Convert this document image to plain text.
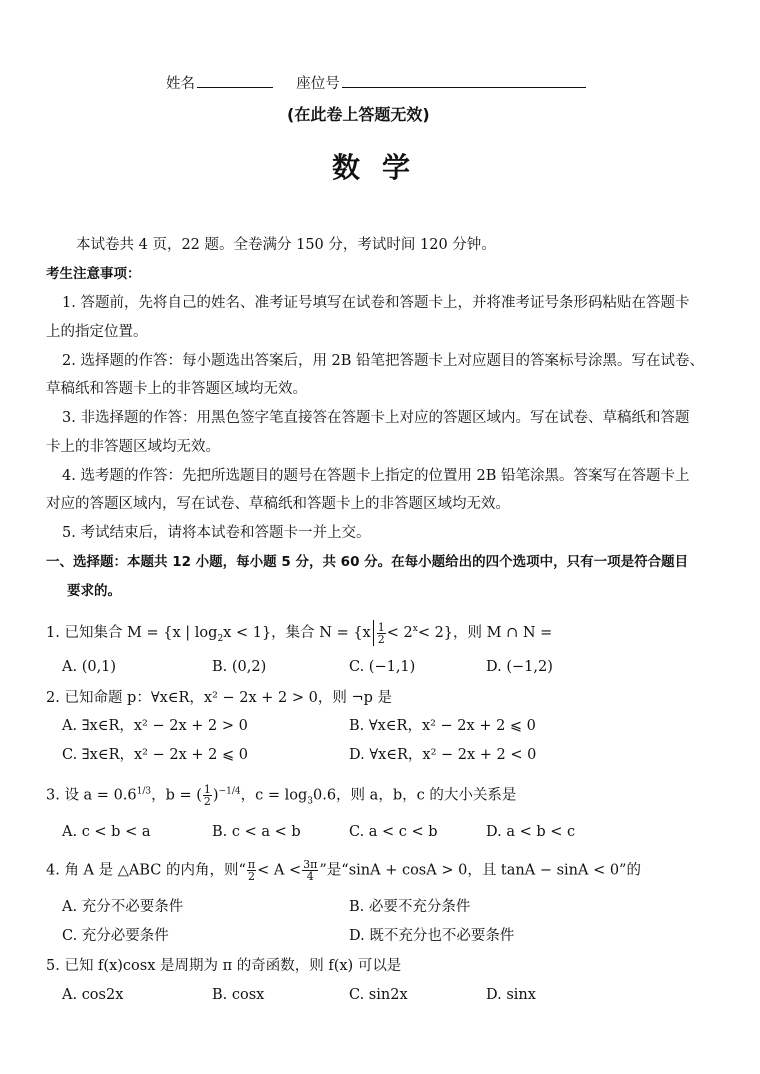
姓名	座位号
(在此卷上答题无效)
数学
本试卷共 4 页，22 题。全卷满分 150 分，考试时间 120 分钟。
考生注意事项：
1. 答题前，先将自己的姓名、准考证号填写在试卷和答题卡上，并将准考证号条形码粘贴在答题卡
上的指定位置。
2. 选择题的作答：每小题选出答案后，用 2B 铅笔把答题卡上对应题目的答案标号涂黑。写在试卷、
草稿纸和答题卡上的非答题区域均无效。
3. 非选择题的作答：用黑色签字笔直接答在答题卡上对应的答题区域内。写在试卷、草稿纸和答题
卡上的非答题区域均无效。
4. 选考题的作答：先把所选题目的题号在答题卡上指定的位置用 2B 铅笔涂黑。答案写在答题卡上
对应的答题区域内，写在试卷、草稿纸和答题卡上的非答题区域均无效。
5. 考试结束后，请将本试卷和答题卡一并上交。
一、选择题：本题共 12 小题，每小题 5 分，共 60 分。在每小题给出的四个选项中，只有一项是符合题目
要求的。
1. 已知集合 M = {x | $\log_2x < 1$}，集合 $N = \{x \frac{1}{2} < 2^x< 2\}$，则 M ∩ N =
A. (0,1)	B. (0,2)	C. (−1,1)	D. (−1,2)
2. 已知命题 p：∀x∈R，x² − 2x + 2 > 0，则 ¬p 是
A. ∃x∈R，x² − 2x + 2 > 0	B. ∀x∈R，x² − 2x + 2 ⩽ 0
C. ∃x∈R，x² − 2x + 2 ⩽ 0	D. ∀x∈R，x² − 2x + 2 < 0
3. 设 $a = 0.6^{1/3}$，b = ( $\frac{1}{2} )^{-1/4}$，$c = \log_30.6$，则 a，b，c 的大小关系是
A. c < b < a	B. c < a < b	C. a < c < b	D. a < b < c
4. 角 A 是 △ABC 的内角，则“ $\frac{\pi}{2} < A < \frac{3\pi}{4}$ ”是“sinA + cosA > 0，且 tanA − sinA < 0”的
A. 充分不必要条件	B. 必要不充分条件
C. 充分必要条件	D. 既不充分也不必要条件
5. 已知 f(x)cosx 是周期为 π 的奇函数，则 f(x) 可以是
A. cos2x	B. cosx	C. sin2x	D. sinx
